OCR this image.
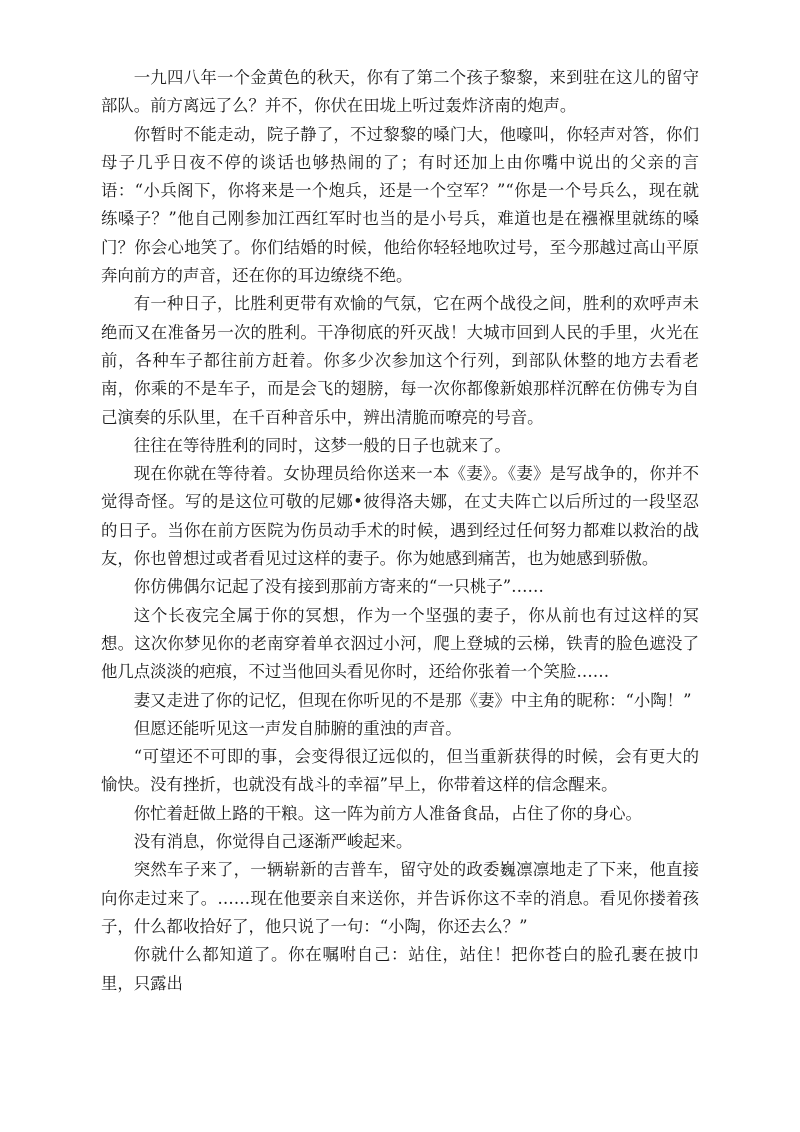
一九四八年一个金黄色的秋天，你有了第二个孩子黎黎，来到驻在这儿的留守部队。前方离远了么？并不，你伏在田垅上听过轰炸济南的炮声。

你暂时不能走动，院子静了，不过黎黎的嗓门大，他嚎叫，你轻声对答，你们母子几乎日夜不停的谈话也够热闹的了；有时还加上由你嘴中说出的父亲的言语：“小兵阁下，你将来是一个炮兵，还是一个空军？”“你是一个号兵么，现在就练嗓子？”他自己刚参加江西红军时也当的是小号兵，难道也是在襁褓里就练的嗓门？你会心地笑了。你们结婚的时候，他给你轻轻地吹过号，至今那越过高山平原奔向前方的声音，还在你的耳边缭绕不绝。

有一种日子，比胜利更带有欢愉的气氛，它在两个战役之间，胜利的欢呼声未绝而又在准备另一次的胜利。干净彻底的歼灭战！大城市回到人民的手里，火光在前，各种车子都往前方赶着。你多少次参加这个行列，到部队休整的地方去看老南，你乘的不是车子，而是会飞的翅膀，每一次你都像新娘那样沉醉在仿佛专为自己演奏的乐队里，在千百种音乐中，辨出清脆而嘹亮的号音。

往往在等待胜利的同时，这梦一般的日子也就来了。

现在你就在等待着。女协理员给你送来一本《妻》。《妻》是写战争的，你并不觉得奇怪。写的是这位可敬的尼娜•彼得洛夫娜，在丈夫阵亡以后所过的一段坚忍的日子。当你在前方医院为伤员动手术的时候，遇到经过任何努力都难以救治的战友，你也曾想过或者看见过这样的妻子。你为她感到痛苦，也为她感到骄傲。

你仿佛偶尔记起了没有接到那前方寄来的“一只桃子”……

这个长夜完全属于你的冥想，作为一个坚强的妻子，你从前也有过这样的冥想。这次你梦见你的老南穿着单衣泅过小河，爬上登城的云梯，铁青的脸色遮没了他几点淡淡的疤痕，不过当他回头看见你时，还给你张着一个笑脸……

妻又走进了你的记忆，但现在你听见的不是那《妻》中主角的昵称：“小陶！”

但愿还能听见这一声发自肺腑的重浊的声音。

“可望还不可即的事，会变得很辽远似的，但当重新获得的时候，会有更大的愉快。没有挫折，也就没有战斗的幸福”早上，你带着这样的信念醒来。

你忙着赶做上路的干粮。这一阵为前方人准备食品，占住了你的身心。

没有消息，你觉得自己逐渐严峻起来。

突然车子来了，一辆崭新的吉普车，留守处的政委巍凛凛地走了下来，他直接向你走过来了。……现在他要亲自来送你，并告诉你这不幸的消息。看见你搂着孩子，什么都收拾好了，他只说了一句：“小陶，你还去么？”

你就什么都知道了。你在嘱咐自己：站住，站住！把你苍白的脸孔裹在披巾里，只露出
